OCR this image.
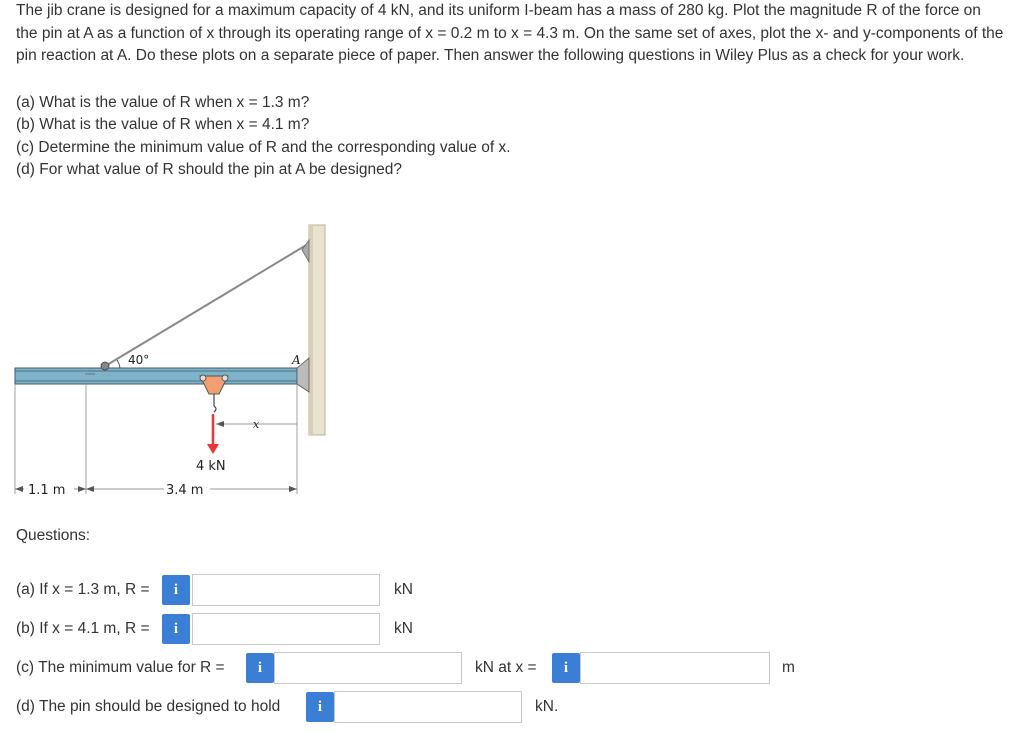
The jib crane is designed for a maximum capacity of 4 kN, and its uniform I-beam has a mass of 280 kg. Plot the magnitude R of the force on the pin at A as a function of x through its operating range of x = 0.2 m to x = 4.3 m. On the same set of axes, plot the x- and y-components of the pin reaction at A. Do these plots on a separate piece of paper. Then answer the following questions in Wiley Plus as a check for your work.

(a) What is the value of R when x = 1.3 m?
(b) What is the value of R when x = 4.1 m?
(c) Determine the minimum value of R and the corresponding value of x.
(d) For what value of R should the pin at A be designed?
40°	A
4 kN
x
1.1 m	3.4 m
Questions:
(a) If x = 1.3 m, R =	i	kN
(b) If x = 4.1 m, R =	i	kN
(c) The minimum value for R =	i	kN at x =	i	m
(d) The pin should be designed to hold	i	kN.
